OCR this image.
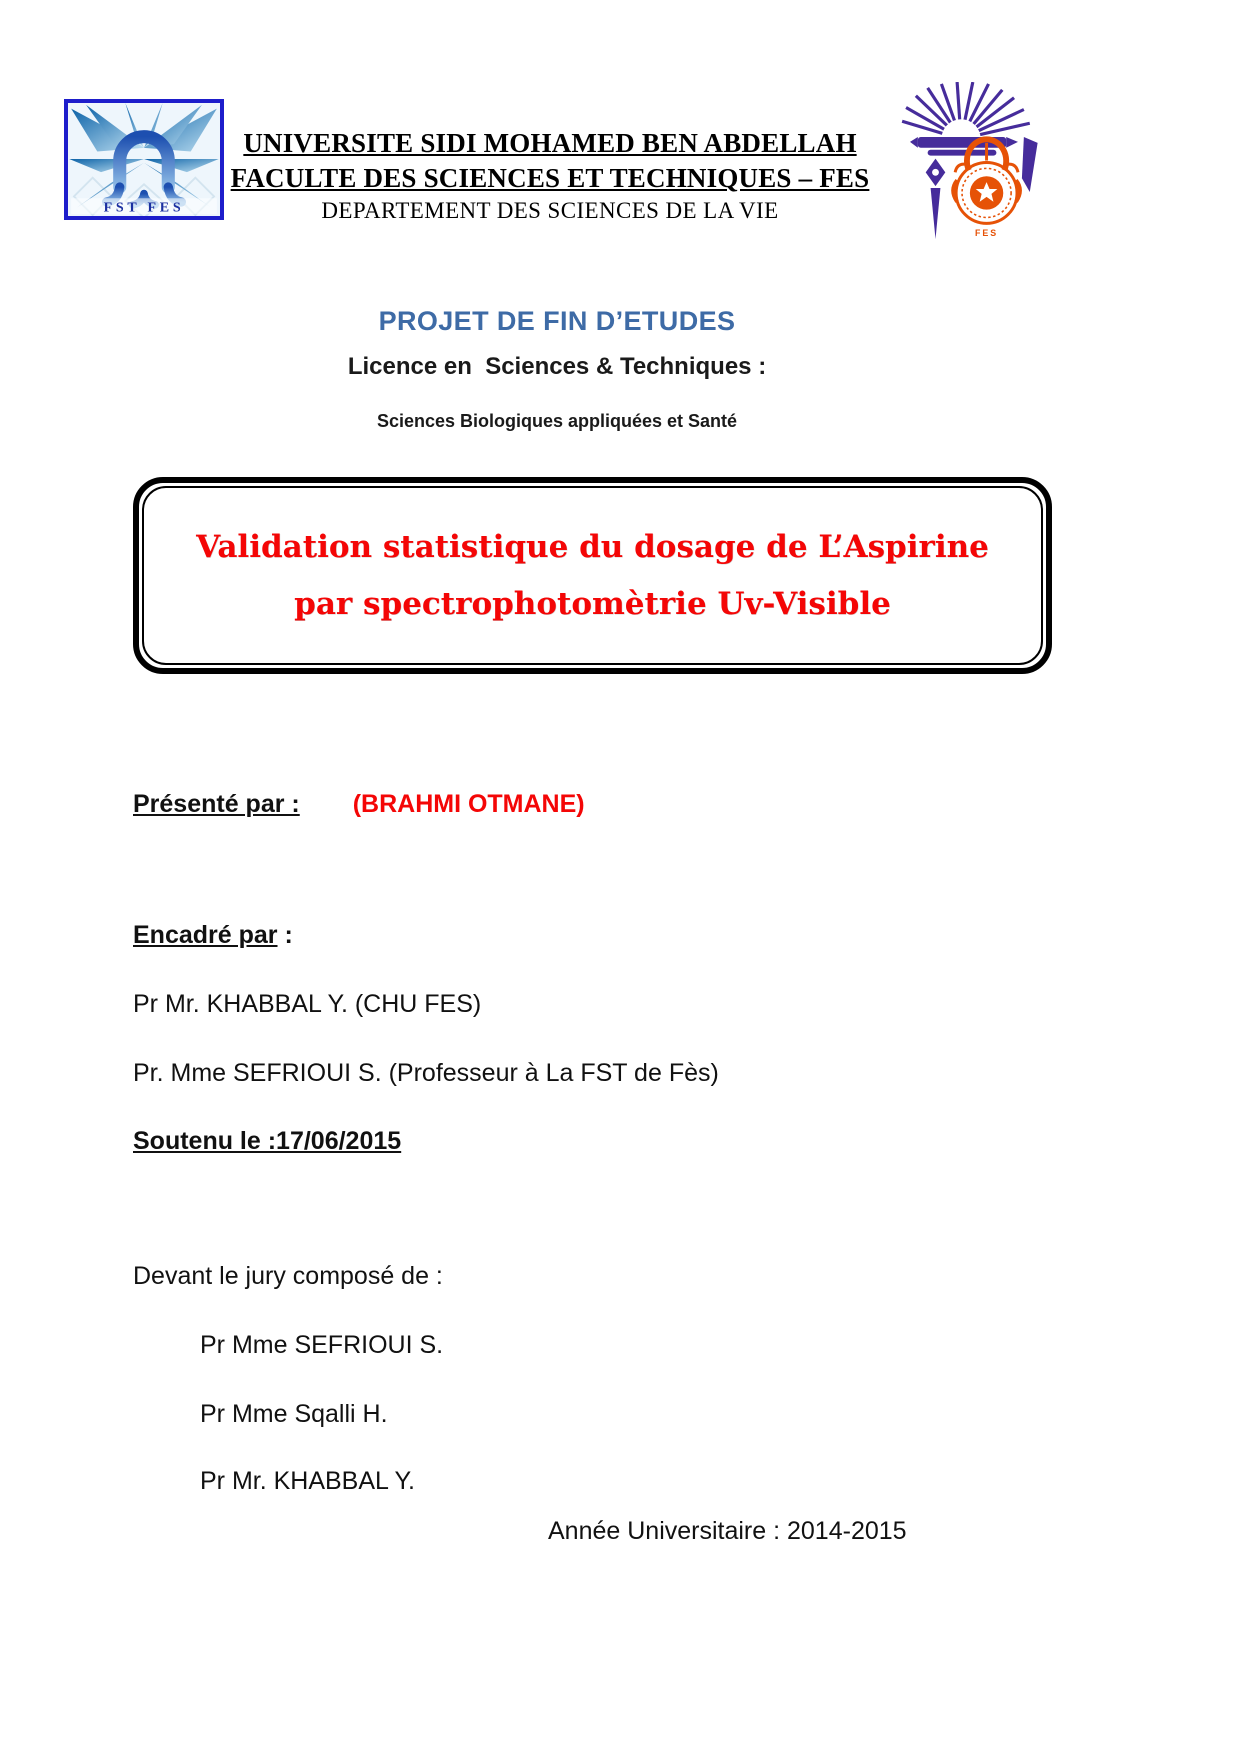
FST FES
UNIVERSITE SIDI MOHAMED BEN ABDELLAH
FACULTE DES SCIENCES ET TECHNIQUES – FES
DEPARTEMENT DES SCIENCES DE LA VIE
FES
PROJET DE FIN D’ETUDES
Licence en  Sciences & Techniques :
Sciences Biologiques appliquées et Santé
Validation statistique du dosage de L’Aspirine
par spectrophotomètrie Uv-Visible
Présenté par : (BRAHMI OTMANE)
Encadré par :
Pr Mr. KHABBAL Y. (CHU FES)
Pr. Mme SEFRIOUI S. (Professeur à La FST de Fès)
Soutenu le :17/06/2015
Devant le jury composé de :
Pr Mme SEFRIOUI S.
Pr Mme Sqalli H.
Pr Mr. KHABBAL Y.
Année Universitaire : 2014-2015
